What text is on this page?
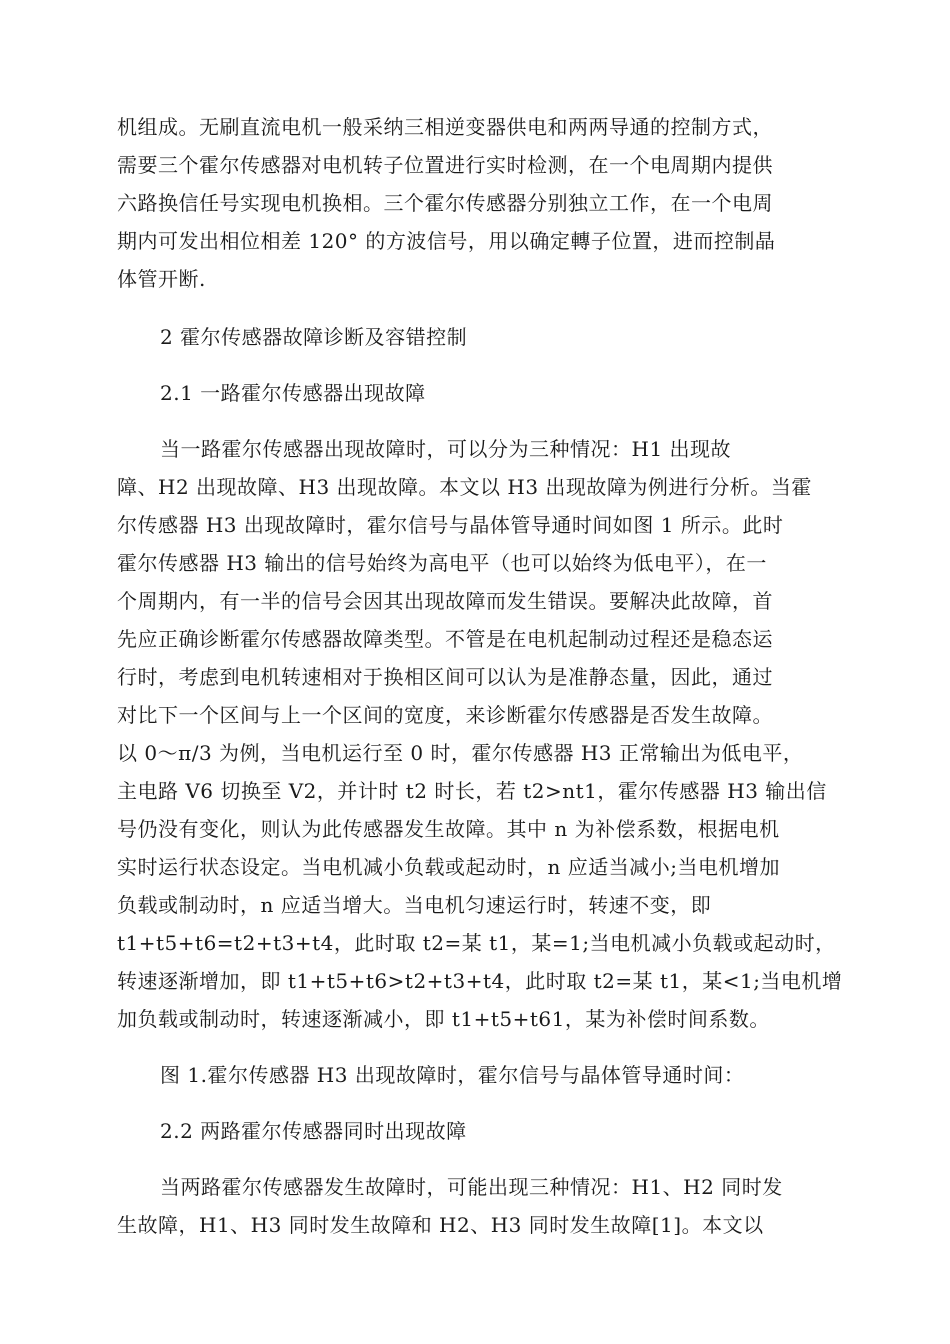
机组成。无刷直流电机一般采纳三相逆变器供电和两两导通的控制方式，
需要三个霍尔传感器对电机转子位置进行实时检测，在一个电周期内提供
六路换信任号实现电机换相。三个霍尔传感器分别独立工作，在一个电周
期内可发出相位相差 120° 的方波信号，用以确定轉子位置，进而控制晶
体管开断.
2 霍尔传感器故障诊断及容错控制
2.1 一路霍尔传感器出现故障
当一路霍尔传感器出现故障时，可以分为三种情况：H1 出现故
障、H2 出现故障、H3 出现故障。本文以 H3 出现故障为例进行分析。当霍
尔传感器 H3 出现故障时，霍尔信号与晶体管导通时间如图 1 所示。此时
霍尔传感器 H3 输出的信号始终为高电平（也可以始终为低电平），在一
个周期内，有一半的信号会因其出现故障而发生错误。要解决此故障，首
先应正确诊断霍尔传感器故障类型。不管是在电机起制动过程还是稳态运
行时，考虑到电机转速相对于换相区间可以认为是准静态量，因此，通过
对比下一个区间与上一个区间的宽度，来诊断霍尔传感器是否发生故障。
以 0～π/3 为例，当电机运行至 0 时，霍尔传感器 H3 正常输出为低电平，
主电路 V6 切换至 V2，并计时 t2 时长，若 t2>nt1，霍尔传感器 H3 输出信
号仍没有变化，则认为此传感器发生故障。其中 n 为补偿系数，根据电机
实时运行状态设定。当电机减小负载或起动时，n 应适当减小;当电机增加
负载或制动时，n 应适当增大。当电机匀速运行时，转速不变，即
t1+t5+t6=t2+t3+t4，此时取 t2=某 t1，某=1;当电机减小负载或起动时，
转速逐渐增加，即 t1+t5+t6>t2+t3+t4，此时取 t2=某 t1，某<1;当电机增
加负载或制动时，转速逐渐减小，即 t1+t5+t61，某为补偿时间系数。
图 1.霍尔传感器 H3 出现故障时，霍尔信号与晶体管导通时间：
2.2 两路霍尔传感器同时出现故障
当两路霍尔传感器发生故障时，可能出现三种情况：H1、H2 同时发
生故障，H1、H3 同时发生故障和 H2、H3 同时发生故障[1]。本文以
